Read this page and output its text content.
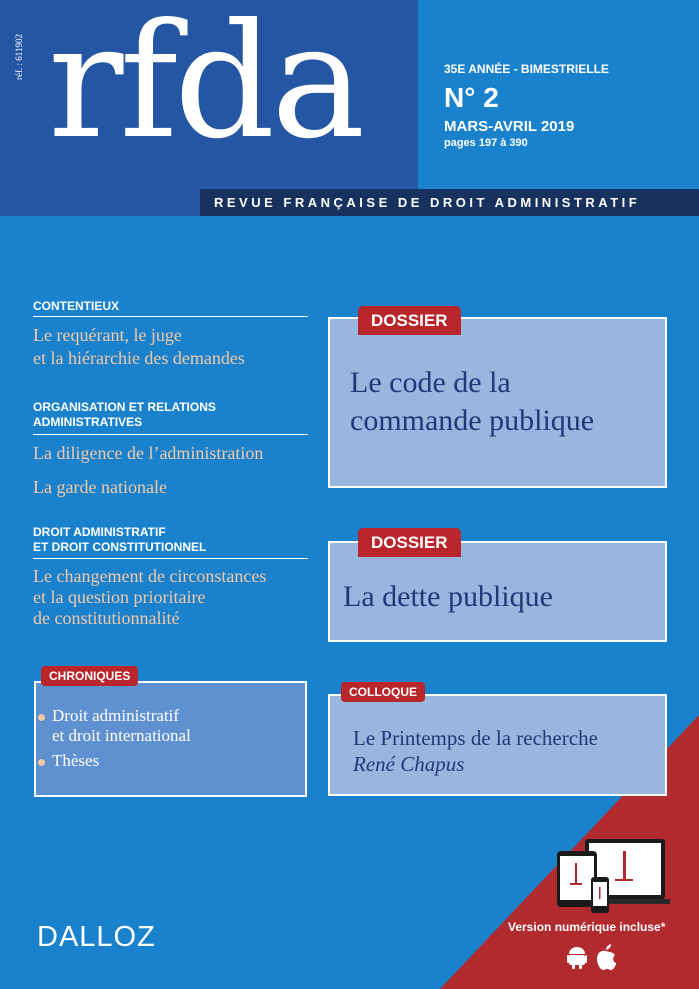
réf. : 611902 rfda	35E ANNÉE - BIMESTRIELLE
N° 2
MARS-AVRIL 2019
pages 197 à 390
REVUE FRANÇAISE DE DROIT ADMINISTRATIF
CONTENTIEUX
Le requérant, le juge
et la hiérarchie des demandes
ORGANISATION ET RELATIONS
ADMINISTRATIVES
La diligence de l’administration
La garde nationale
DROIT ADMINISTRATIF
ET DROIT CONSTITUTIONNEL
Le changement de circonstances
et la question prioritaire
de constitutionnalité
CHRONIQUES
Droit administratif
et droit international
Thèses
DOSSIER
Le code de la
commande publique
DOSSIER
La dette publique
COLLOQUE
Le Printemps de la recherche
René Chapus
Version numérique incluse*
DALLOZ
